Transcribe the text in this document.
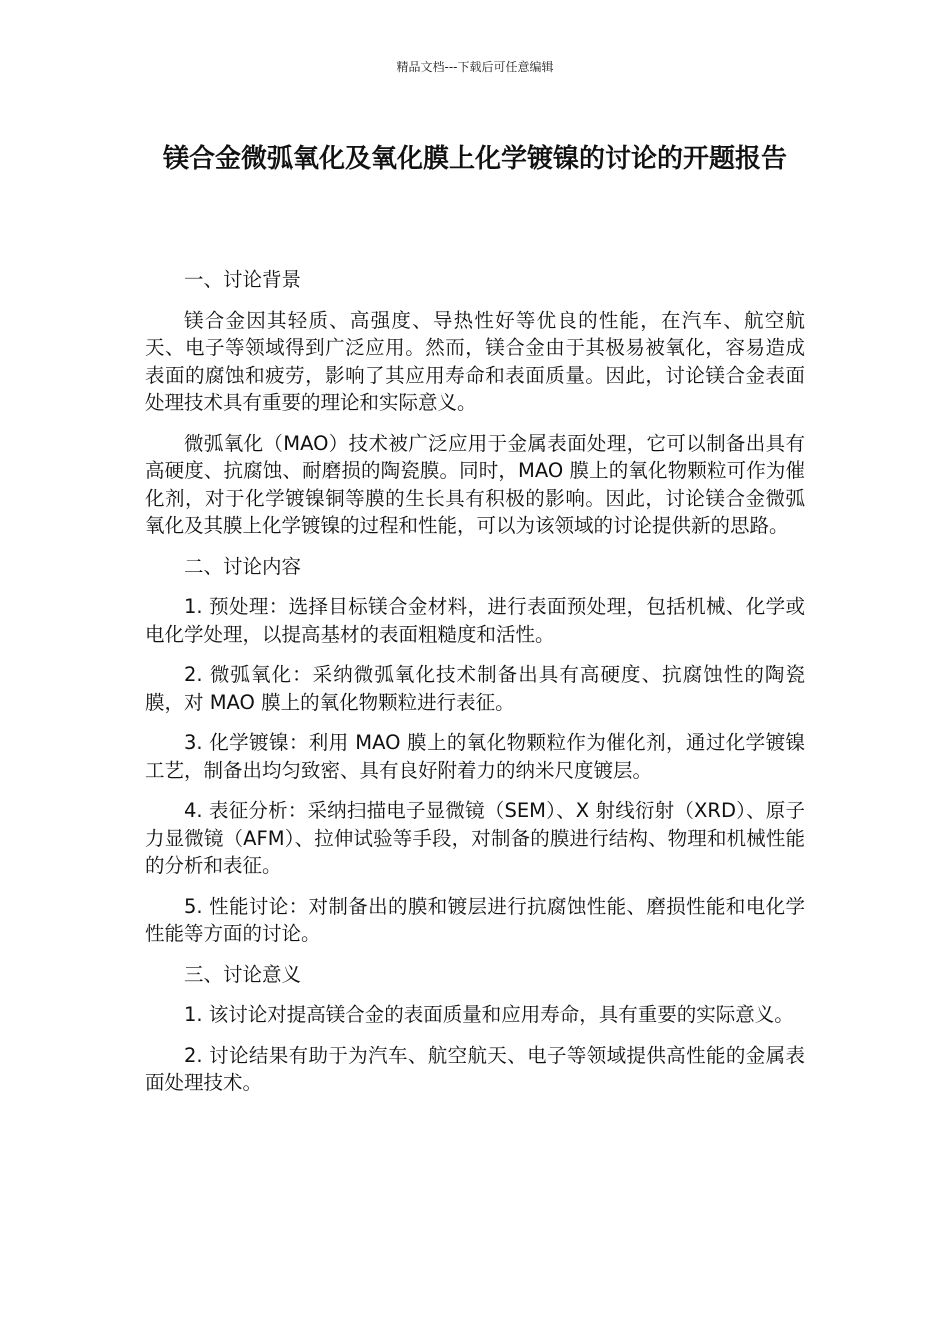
精品文档---下载后可任意编辑
镁合金微弧氧化及氧化膜上化学镀镍的讨论的开题报告

一、讨论背景

镁合金因其轻质、高强度、导热性好等优良的性能，在汽车、航空航天、电子等领域得到广泛应用。然而，镁合金由于其极易被氧化，容易造成表面的腐蚀和疲劳，影响了其应用寿命和表面质量。因此，讨论镁合金表面处理技术具有重要的理论和实际意义。

微弧氧化（MAO）技术被广泛应用于金属表面处理，它可以制备出具有高硬度、抗腐蚀、耐磨损的陶瓷膜。同时，MAO 膜上的氧化物颗粒可作为催化剂，对于化学镀镍铜等膜的生长具有积极的影响。因此，讨论镁合金微弧氧化及其膜上化学镀镍的过程和性能，可以为该领域的讨论提供新的思路。

二、讨论内容

1. 预处理：选择目标镁合金材料，进行表面预处理，包括机械、化学或电化学处理，以提高基材的表面粗糙度和活性。

2. 微弧氧化：采纳微弧氧化技术制备出具有高硬度、抗腐蚀性的陶瓷膜，对 MAO 膜上的氧化物颗粒进行表征。

3. 化学镀镍：利用 MAO 膜上的氧化物颗粒作为催化剂，通过化学镀镍工艺，制备出均匀致密、具有良好附着力的纳米尺度镀层。

4. 表征分析：采纳扫描电子显微镜（SEM）、X 射线衍射（XRD）、原子力显微镜（AFM）、拉伸试验等手段，对制备的膜进行结构、物理和机械性能的分析和表征。

5. 性能讨论：对制备出的膜和镀层进行抗腐蚀性能、磨损性能和电化学性能等方面的讨论。

三、讨论意义

1. 该讨论对提高镁合金的表面质量和应用寿命，具有重要的实际意义。

2. 讨论结果有助于为汽车、航空航天、电子等领域提供高性能的金属表面处理技术。
